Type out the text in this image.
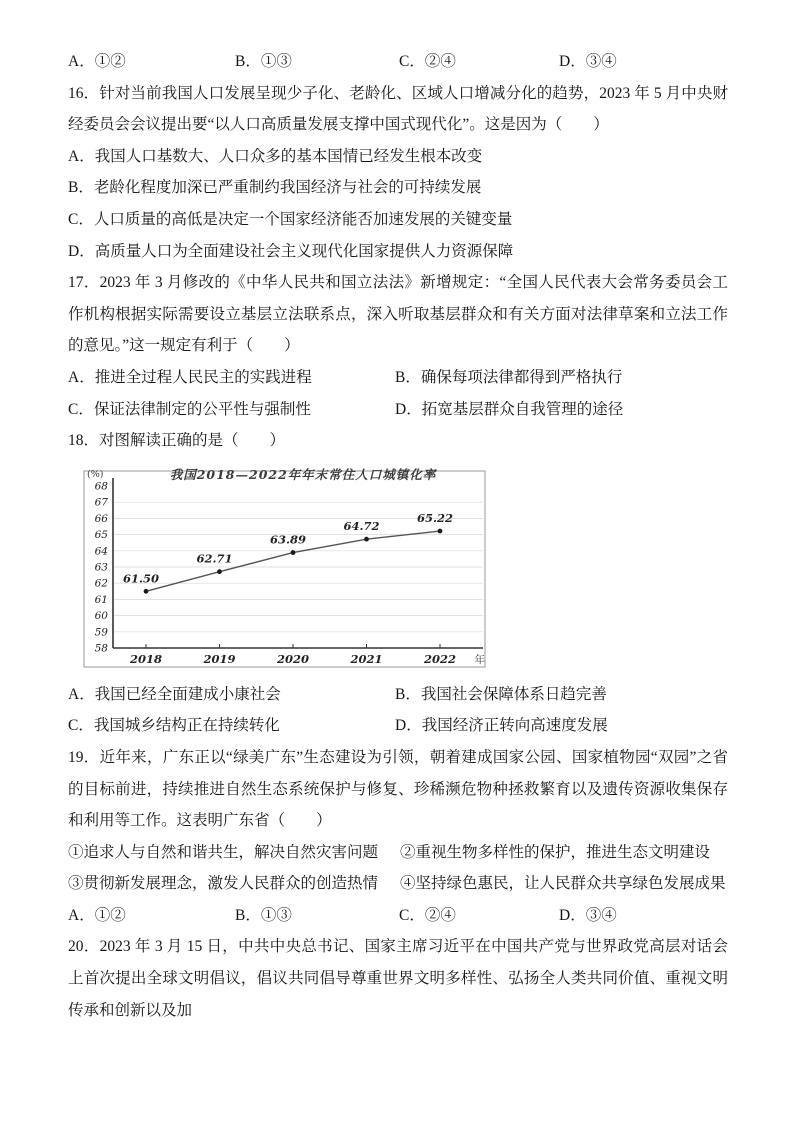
A．①②	B．①③	C．②④	D．③④

16．针对当前我国人口发展呈现少子化、老龄化、区域人口增减分化的趋势，2023 年 5 月中央财经委员会会议提出要“以人口高质量发展支撑中国式现代化”。这是因为（　　）

A．我国人口基数大、人口众多的基本国情已经发生根本改变
B．老龄化程度加深已严重制约我国经济与社会的可持续发展
C．人口质量的高低是决定一个国家经济能否加速发展的关键变量
D．高质量人口为全面建设社会主义现代化国家提供人力资源保障

17．2023 年 3 月修改的《中华人民共和国立法法》新增规定：“全国人民代表大会常务委员会工作机构根据实际需要设立基层立法联系点，深入听取基层群众和有关方面对法律草案和立法工作的意见。”这一规定有利于（　　）

A．推进全过程人民民主的实践进程	B．确保每项法律都得到严格执行
C．保证法律制定的公平性与强制性	D．拓宽基层群众自我管理的途径

18．对图解读正确的是（　　）

58
59
60
61
62
63
64
65
66
67
68
我国2018—2022年年末常住人口城镇化率
(%)
2018	2019	2020	2021	2022 年
61.50
62.71
63.89
64.72
65.22
A．我国已经全面建成小康社会	B．我国社会保障体系日趋完善
C．我国城乡结构正在持续转化	D．我国经济正转向高速度发展

19．近年来，广东正以“绿美广东”生态建设为引领，朝着建成国家公园、国家植物园“双园”之省的目标前进，持续推进自然生态系统保护与修复、珍稀濒危物种拯救繁育以及遗传资源收集保存和利用等工作。这表明广东省（　　）

①追求人与自然和谐共生，解决自然灾害问题	②重视生物多样性的保护，推进生态文明建设
③贯彻新发展理念，激发人民群众的创造热情	④坚持绿色惠民，让人民群众共享绿色发展成果
A．①②	B．①③	C．②④	D．③④

20．2023 年 3 月 15 日，中共中央总书记、国家主席习近平在中国共产党与世界政党高层对话会上首次提出全球文明倡议，倡议共同倡导尊重世界文明多样性、弘扬全人类共同价值、重视文明传承和创新以及加
